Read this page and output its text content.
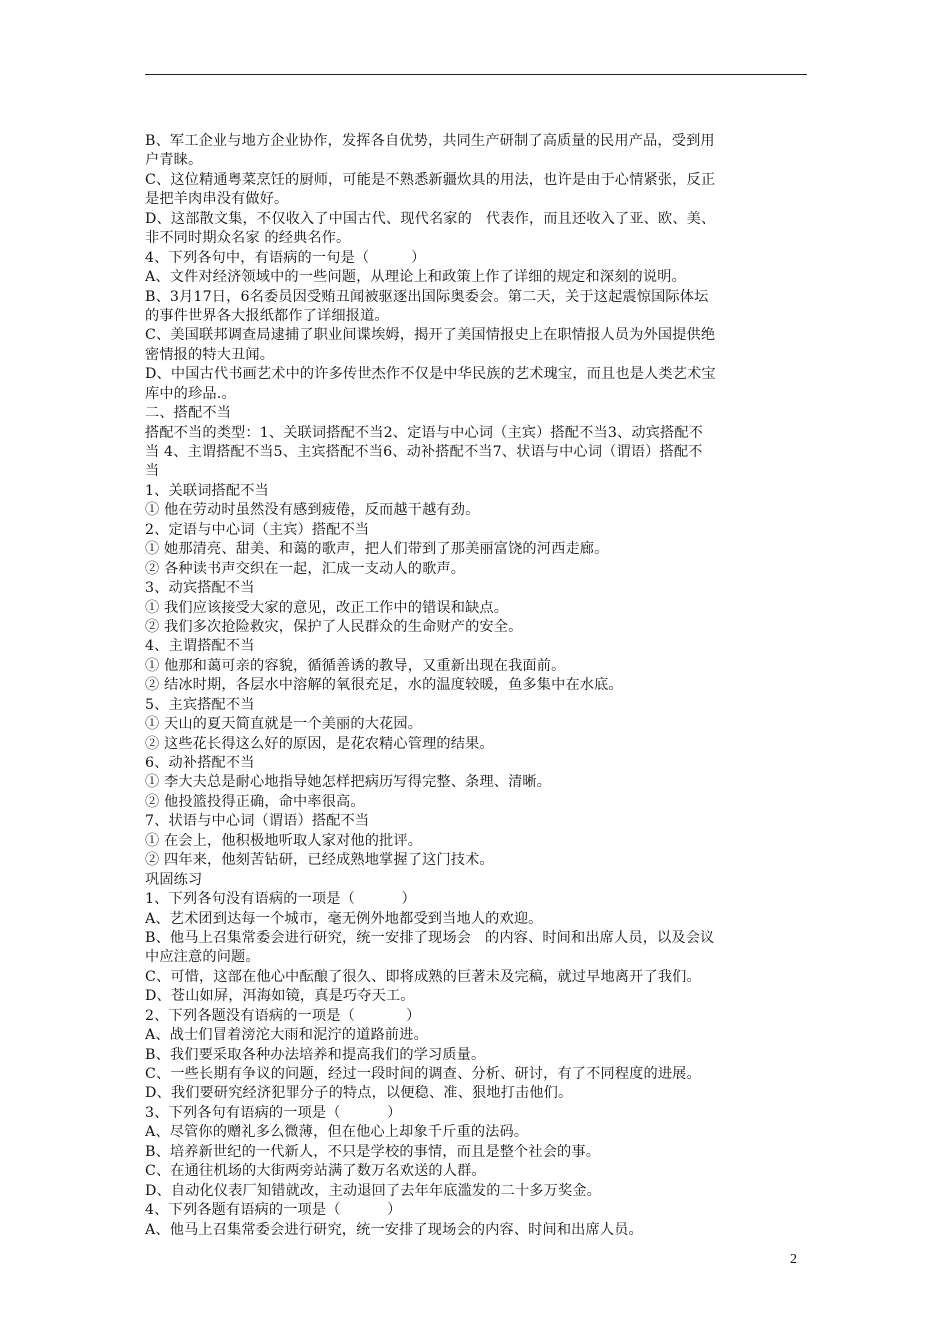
B、军工企业与地方企业协作，发挥各自优势，共同生产研制了高质量的民用产品，受到用
户青睐。
C、这位精通粤菜烹饪的厨师，可能是不熟悉新疆炊具的用法，也许是由于心情紧张，反正
是把羊肉串没有做好。
D、这部散文集，不仅收入了中国古代、现代名家的   代表作，而且还收入了亚、欧、美、
非不同时期众名家 的经典名作。
4、下列各句中，有语病的一句是（         ）
A、文件对经济领域中的一些问题，从理论上和政策上作了详细的规定和深刻的说明。
B、3月17日，6名委员因受贿丑闻被驱逐出国际奥委会。第二天，关于这起震惊国际体坛
的事件世界各大报纸都作了详细报道。
C、美国联邦调查局逮捕了职业间谍埃姆，揭开了美国情报史上在职情报人员为外国提供绝
密情报的特大丑闻。
D、中国古代书画艺术中的许多传世杰作不仅是中华民族的艺术瑰宝，而且也是人类艺术宝
库中的珍品.。
二、搭配不当
搭配不当的类型：1、关联词搭配不当2、定语与中心词（主宾）搭配不当3、动宾搭配不
当 4、主谓搭配不当5、主宾搭配不当6、动补搭配不当7、状语与中心词（谓语）搭配不
当
1、关联词搭配不当
① 他在劳动时虽然没有感到疲倦，反而越干越有劲。
2、定语与中心词（主宾）搭配不当
① 她那清亮、甜美、和蔼的歌声，把人们带到了那美丽富饶的河西走廊。
② 各种读书声交织在一起，汇成一支动人的歌声。
3、动宾搭配不当
① 我们应该接受大家的意见，改正工作中的错误和缺点。
② 我们多次抢险救灾，保护了人民群众的生命财产的安全。
4、主谓搭配不当
① 他那和蔼可亲的容貌，循循善诱的教导，又重新出现在我面前。
② 结冰时期，各层水中溶解的氧很充足，水的温度较暖，鱼多集中在水底。
5、主宾搭配不当
① 天山的夏天简直就是一个美丽的大花园。
② 这些花长得这么好的原因，是花农精心管理的结果。
6、动补搭配不当
① 李大夫总是耐心地指导她怎样把病历写得完整、条理、清晰。
② 他投篮投得正确，命中率很高。
7、状语与中心词（谓语）搭配不当
① 在会上，他积极地听取人家对他的批评。
② 四年来，他刻苦钻研，已经成熟地掌握了这门技术。
巩固练习
1、下列各句没有语病的一项是（          ）
A、艺术团到达每一个城市，毫无例外地都受到当地人的欢迎。
B、他马上召集常委会进行研究，统一安排了现场会   的内容、时间和出席人员，以及会议
中应注意的问题。
C、可惜，这部在他心中酝酿了很久、即将成熟的巨著未及完稿，就过早地离开了我们。
D、苍山如屏，洱海如镜，真是巧夺天工。
2、下列各题没有语病的一项是（           ）
A、战士们冒着滂沱大雨和泥泞的道路前进。
B、我们要采取各种办法培养和提高我们的学习质量。
C、一些长期有争议的问题，经过一段时间的调查、分析、研讨，有了不同程度的进展。
D、我们要研究经济犯罪分子的特点，以便稳、准、狠地打击他们。
3、下列各句有语病的一项是（          ）
A、尽管你的赠礼多么微薄，但在他心上却象千斤重的法码。
B、培养新世纪的一代新人，不只是学校的事情，而且是整个社会的事。
C、在通往机场的大街两旁站满了数万名欢送的人群。
D、自动化仪表厂知错就改，主动退回了去年年底滥发的二十多万奖金。
4、下列各题有语病的一项是（          ）
A、他马上召集常委会进行研究，统一安排了现场会的内容、时间和出席人员。
2
